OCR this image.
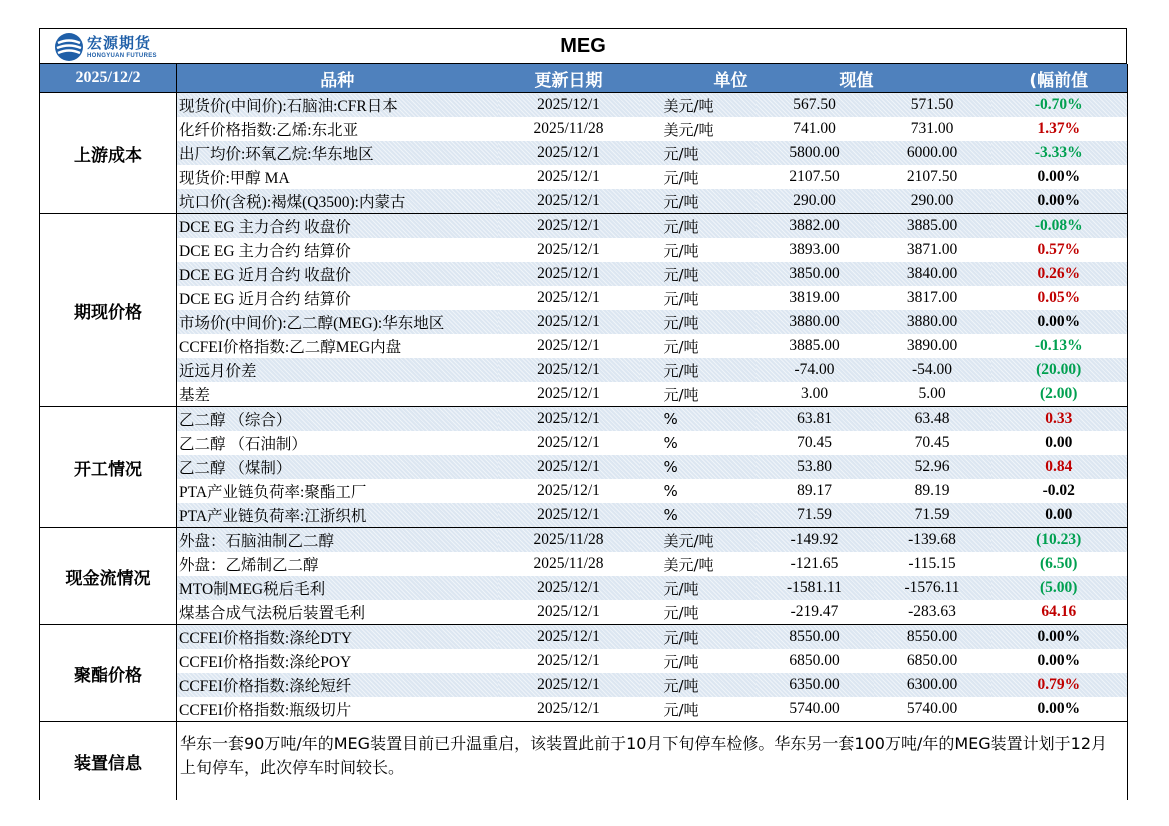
宏源期货
HONGYUAN FUTURES	MEG
2025/12/2	品种	更新日期	单位	现值		(幅前值
上游成本	现货价(中间价):石脑油:CFR日本	2025/12/1	美元/吨	567.50	571.50	-0.70%
	化纤价格指数:乙烯:东北亚	2025/11/28	美元/吨	741.00	731.00	1.37%
	出厂均价:环氧乙烷:华东地区	2025/12/1	元/吨	5800.00	6000.00	-3.33%
	现货价:甲醇 MA	2025/12/1	元/吨	2107.50	2107.50	0.00%
	坑口价(含税):褐煤(Q3500):内蒙古	2025/12/1	元/吨	290.00	290.00	0.00%
期现价格	DCE EG 主力合约 收盘价	2025/12/1	元/吨	3882.00	3885.00	-0.08%
	DCE EG 主力合约 结算价	2025/12/1	元/吨	3893.00	3871.00	0.57%
	DCE EG 近月合约 收盘价	2025/12/1	元/吨	3850.00	3840.00	0.26%
	DCE EG 近月合约 结算价	2025/12/1	元/吨	3819.00	3817.00	0.05%
	市场价(中间价):乙二醇(MEG):华东地区	2025/12/1	元/吨	3880.00	3880.00	0.00%
	CCFEI价格指数:乙二醇MEG内盘	2025/12/1	元/吨	3885.00	3890.00	-0.13%
	近远月价差	2025/12/1	元/吨	-74.00	-54.00	(20.00)
	基差	2025/12/1	元/吨	3.00	5.00	(2.00)
开工情况	乙二醇 （综合）	2025/12/1	%	63.81	63.48	0.33
	乙二醇 （石油制）	2025/12/1	%	70.45	70.45	0.00
	乙二醇 （煤制）	2025/12/1	%	53.80	52.96	0.84
	PTA产业链负荷率:聚酯工厂	2025/12/1	%	89.17	89.19	-0.02
	PTA产业链负荷率:江浙织机	2025/12/1	%	71.59	71.59	0.00
现金流情况	外盘：石脑油制乙二醇	2025/11/28	美元/吨	-149.92	-139.68	(10.23)
	外盘：乙烯制乙二醇	2025/11/28	美元/吨	-121.65	-115.15	(6.50)
	MTO制MEG税后毛利	2025/12/1	元/吨	-1581.11	-1576.11	(5.00)
	煤基合成气法税后装置毛利	2025/12/1	元/吨	-219.47	-283.63	64.16
聚酯价格	CCFEI价格指数:涤纶DTY	2025/12/1	元/吨	8550.00	8550.00	0.00%
	CCFEI价格指数:涤纶POY	2025/12/1	元/吨	6850.00	6850.00	0.00%
	CCFEI价格指数:涤纶短纤	2025/12/1	元/吨	6350.00	6300.00	0.79%
	CCFEI价格指数:瓶级切片	2025/12/1	元/吨	5740.00	5740.00	0.00%
装置信息	华东一套90万吨/年的MEG装置目前已升温重启，该装置此前于10月下旬停车检修。华东另一套100万吨/年的MEG装置计划于12月上旬停车，此次停车时间较长。					
